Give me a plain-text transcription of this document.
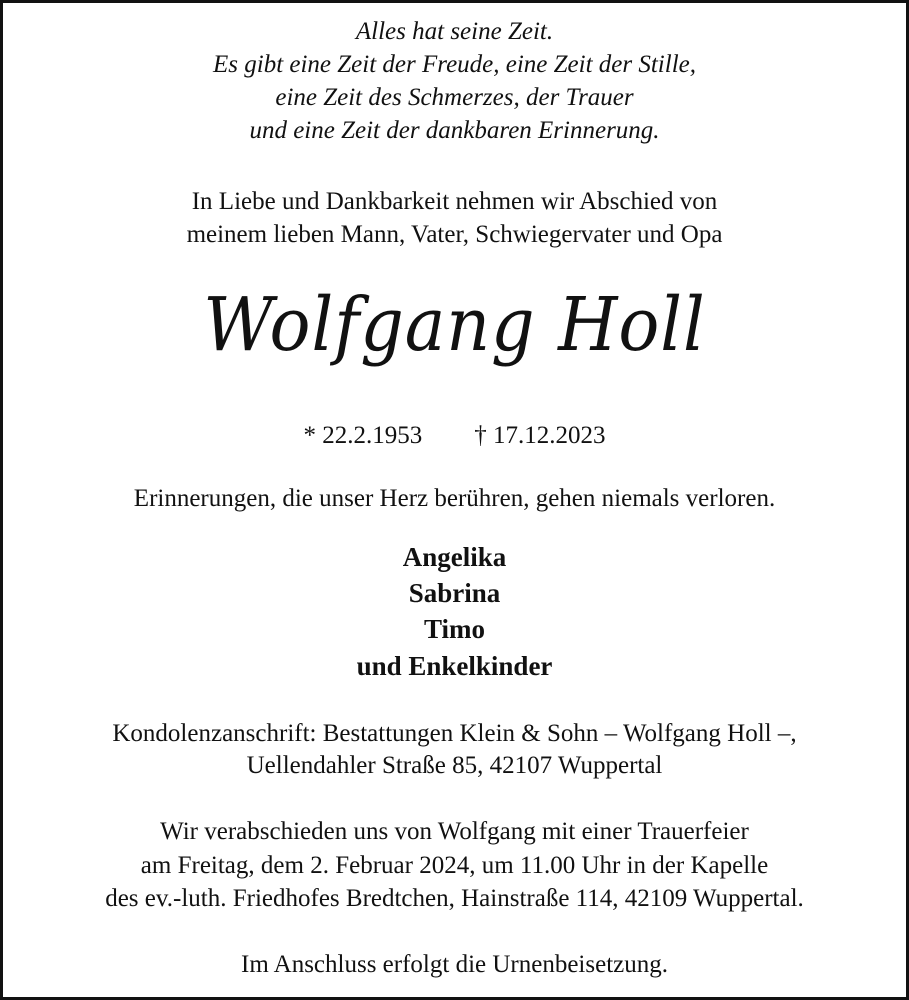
Alles hat seine Zeit.
Es gibt eine Zeit der Freude, eine Zeit der Stille,
eine Zeit des Schmerzes, der Trauer
und eine Zeit der dankbaren Erinnerung.
In Liebe und Dankbarkeit nehmen wir Abschied von
meinem lieben Mann, Vater, Schwiegervater und Opa
Wolfgang Holl
* 22.2.1953 † 17.12.2023
Erinnerungen, die unser Herz berühren, gehen niemals verloren.
Angelika
Sabrina
Timo
und Enkelkinder
Kondolenzanschrift: Bestattungen Klein & Sohn – Wolfgang Holl –,
Uellendahler Straße 85, 42107 Wuppertal
Wir verabschieden uns von Wolfgang mit einer Trauerfeier
am Freitag, dem 2. Februar 2024, um 11.00 Uhr in der Kapelle
des ev.-luth. Friedhofes Bredtchen, Hainstraße 114, 42109 Wuppertal.
Im Anschluss erfolgt die Urnenbeisetzung.
